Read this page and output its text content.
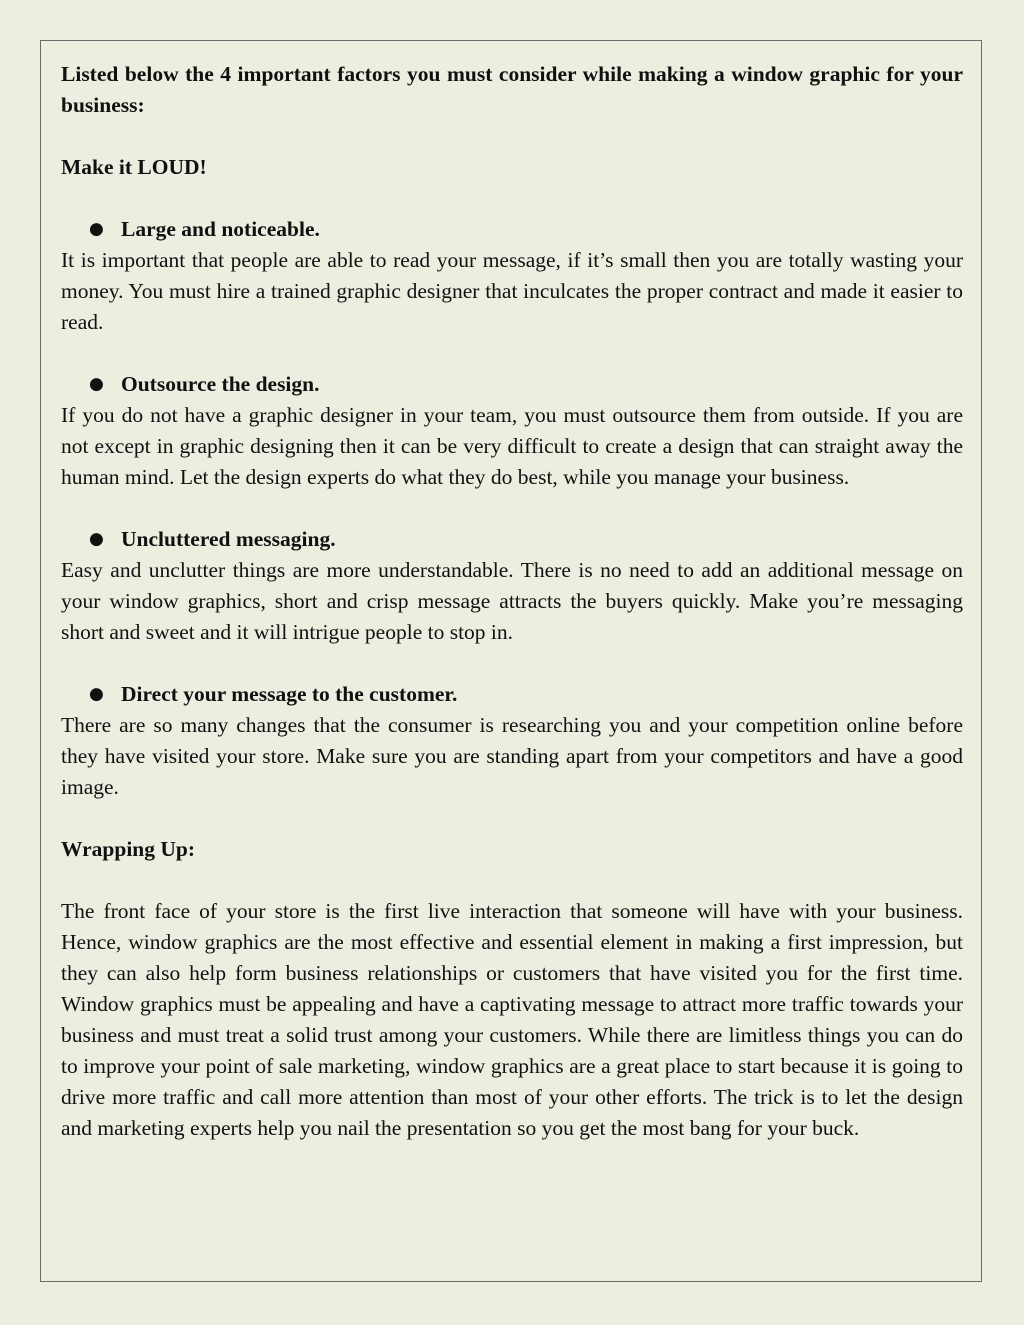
Listed below the 4 important factors you must consider while making a window graphic for your business:

Make it LOUD!

● Large and noticeable.

It is important that people are able to read your message, if it’s small then you are totally wasting your money. You must hire a trained graphic designer that inculcates the proper contract and made it easier to read.

● Outsource the design.

If you do not have a graphic designer in your team, you must outsource them from outside. If you are not except in graphic designing then it can be very difficult to create a design that can straight away the human mind. Let the design experts do what they do best, while you manage your business.

● Uncluttered messaging.

Easy and unclutter things are more understandable. There is no need to add an additional message on your window graphics, short and crisp message attracts the buyers quickly. Make you’re messaging short and sweet and it will intrigue people to stop in.

● Direct your message to the customer.

There are so many changes that the consumer is researching you and your competition online before they have visited your store. Make sure you are standing apart from your competitors and have a good image.

Wrapping Up:

The front face of your store is the first live interaction that someone will have with your business. Hence, window graphics are the most effective and essential element in making a first impression, but they can also help form business relationships or customers that have visited you for the first time. Window graphics must be appealing and have a captivating message to attract more traffic towards your business and must treat a solid trust among your customers. While there are limitless things you can do to improve your point of sale marketing, window graphics are a great place to start because it is going to drive more traffic and call more attention than most of your other efforts. The trick is to let the design and marketing experts help you nail the presentation so you get the most bang for your buck.
